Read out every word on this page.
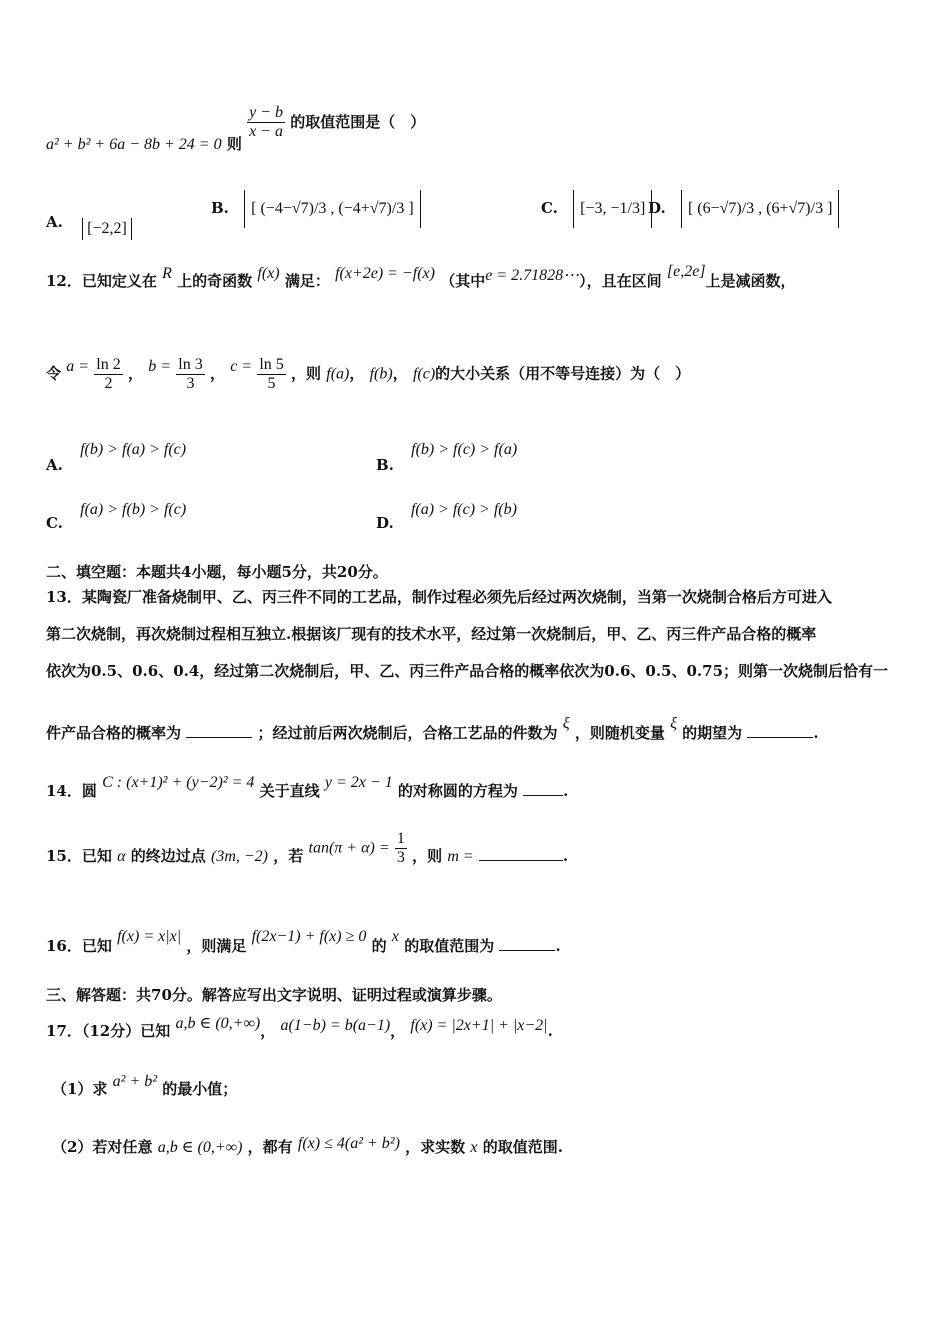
a² + b² + 6a − 8b + 24 = 0 则
$\frac{y - b}{x - a}$ 的取值范围是（　）
A. [−2,2]
B. [ (−4−√7)/3 , (−4+√7)/3 ]	C. [−3, −1/3] D. [ (6−√7)/3 , (6+√7)/3 ]
12．已知定义在 R 上的奇函数 f(x) 满足： f(x+2e) = −f(x) （其中e = 2.71828⋯），且在区间 [e,2e]上是减函数，
令 $a = \frac{\ln 2}{2}$ ， $b = \frac{\ln 3}{3}$ ， $c = \frac{\ln 5}{5}$ ，则 f(a)， f(b)， f(c)的大小关系（用不等号连接）为（　）
A. f(b) > f(a) > f(c)
B. f(b) > f(c) > f(a)
C. f(a) > f(b) > f(c)
D. f(a) > f(c) > f(b)
二、填空题：本题共4小题，每小题5分，共20分。
13．某陶瓷厂准备烧制甲、乙、丙三件不同的工艺品，制作过程必须先后经过两次烧制，当第一次烧制合格后方可进入
第二次烧制，再次烧制过程相互独立.根据该厂现有的技术水平，经过第一次烧制后，甲、乙、丙三件产品合格的概率
依次为0.5、0.6、0.4，经过第二次烧制后，甲、乙、丙三件产品合格的概率依次为0.6、0.5、0.75；则第一次烧制后恰有一
件产品合格的概率为	；经过前后两次烧制后，合格工艺品的件数为 ξ ，则随机变量 ξ 的期望为	.
14．圆 C : (x+1)² + (y−2)² = 4 关于直线 y = 2x − 1 的对称圆的方程为	.
15．已知 α 的终边过点 (3m, −2) ，若 $\tan(\pi + \alpha) = \frac{1}{3}$ ，则 m =	.
16．已知 f(x) = x|x| ，则满足 f(2x−1) + f(x) ≥ 0 的 x 的取值范围为	.
三、解答题：共70分。解答应写出文字说明、证明过程或演算步骤。
17．（12分）已知 a,b ∈ (0,+∞)， a(1−b) = b(a−1)， f(x) = |2x+1| + |x−2|.
（1）求 a² + b² 的最小值；
（2）若对任意 a,b ∈ (0,+∞) ，都有 f(x) ≤ 4(a² + b²) ，求实数 x 的取值范围.
